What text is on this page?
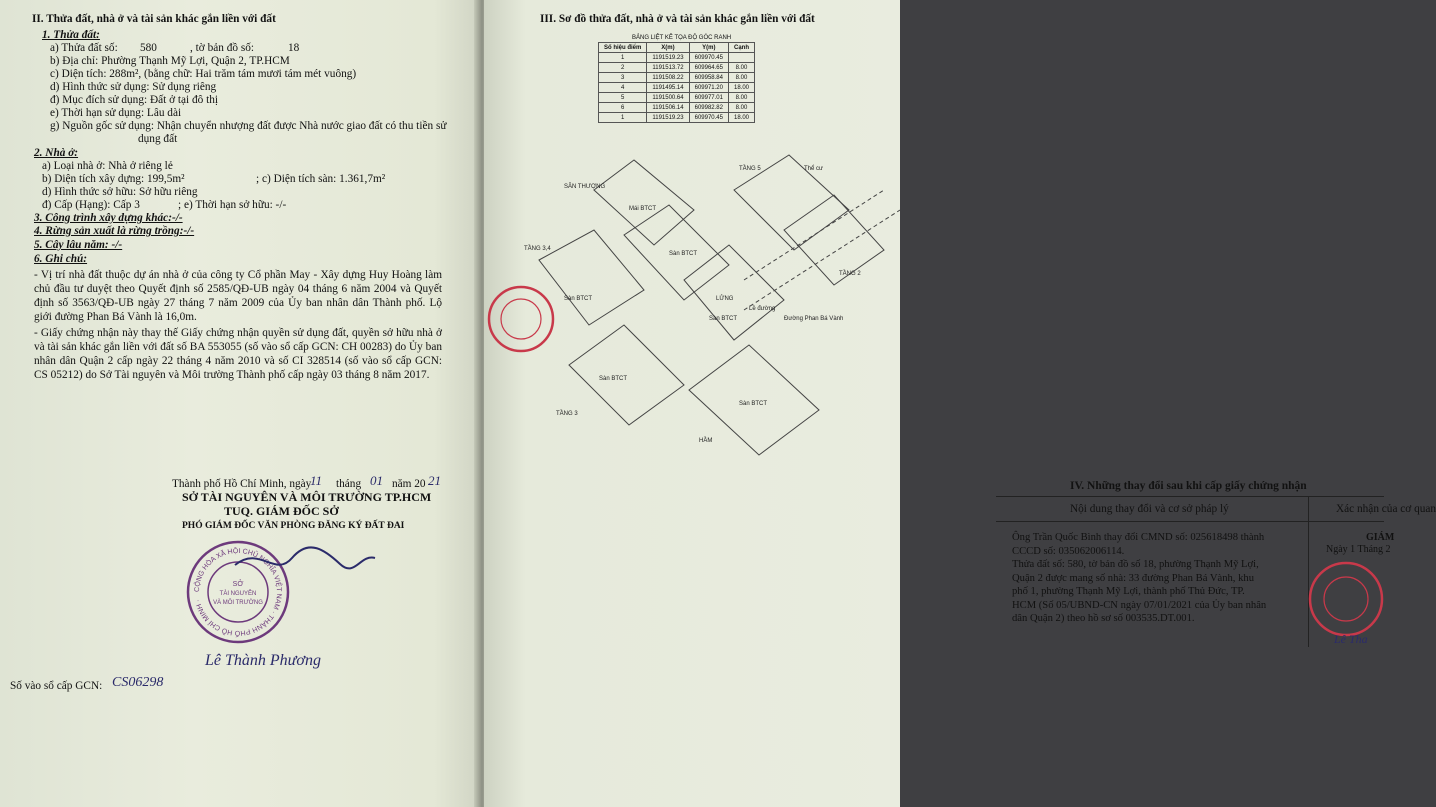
II. Thửa đất, nhà ở và tài sản khác gắn liền với đất
1. Thửa đất:
a) Thửa đất số: 580	, tờ bản đồ số:	18
b) Địa chỉ: Phường Thạnh Mỹ Lợi, Quận 2, TP.HCM
c) Diện tích: 288m², (bằng chữ: Hai trăm tám mươi tám mét vuông)
d) Hình thức sử dụng: Sử dụng riêng
đ) Mục đích sử dụng: Đất ở tại đô thị
e) Thời hạn sử dụng: Lâu dài
g) Nguồn gốc sử dụng: Nhận chuyển nhượng đất được Nhà nước giao đất có thu tiền sử
dụng đất
2. Nhà ở:
a) Loại nhà ở: Nhà ở riêng lẻ
b) Diện tích xây dựng: 199,5m²	; c) Diện tích sàn: 1.361,7m²
d) Hình thức sở hữu: Sở hữu riêng
đ) Cấp (Hạng): Cấp 3	; e) Thời hạn sở hữu: -/-
3. Công trình xây dựng khác:-/-
4. Rừng sản xuất là rừng trồng:-/-
5. Cây lâu năm: -/-
6. Ghi chú:
- Vị trí nhà đất thuộc dự án nhà ở của công ty Cổ phần May - Xây dựng Huy Hoàng làm chủ đầu tư duyệt theo Quyết định số 2585/QĐ-UB ngày 04 tháng 6 năm 2004 và Quyết định số 3563/QĐ-UB ngày 27 tháng 7 năm 2009 của Ủy ban nhân dân Thành phố. Lộ giới đường Phan Bá Vành là 16,0m.
- Giấy chứng nhận này thay thế Giấy chứng nhận quyền sử dụng đất, quyền sở hữu nhà ở và tài sản khác gắn liền với đất số BA 553055 (số vào sổ cấp GCN: CH 00283) do Ủy ban nhân dân Quận 2 cấp ngày 22 tháng 4 năm 2010 và số CI 328514 (số vào sổ cấp GCN: CS 05212) do Sở Tài nguyên và Môi trường Thành phố cấp ngày 03 tháng 8 năm 2017.
Thành phố Hồ Chí Minh, ngày
11 tháng 01 năm 20 21
SỞ TÀI NGUYÊN VÀ MÔI TRƯỜNG TP.HCM
TUQ. GIÁM ĐỐC SỞ
PHÓ GIÁM ĐỐC VĂN PHÒNG ĐĂNG KÝ ĐẤT ĐAI
CỘNG HÒA XÃ HỘI CHỦ NGHĨA VIỆT NAM · THÀNH PHỐ HỒ CHÍ MINH ·
SỞ
TÀI NGUYÊN
VÀ MÔI TRƯỜNG
Lê Thành Phương
Số vào sổ cấp GCN: CS06298
III. Sơ đồ thửa đất, nhà ở và tài sản khác gắn liền với đất
BẢNG LIỆT KÊ TỌA ĐỘ GÓC RANH
Số hiệu điểm	X(m)	Y(m)	Cạnh
1	1191519.23	609970.45	
2	1191513.72	609964.65	8.00
3	1191508.22	609958.84	8.00
4	1191495.14	609971.20	18.00
5	1191500.64	609977.01	8.00
6	1191506.14	609982.82	8.00
1	1191519.23	609970.45	18.00
SÂN THƯỢNG
TẦNG 3,4
TẦNG 3
TẦNG 5
TẦNG 2
LỬNG
HẦM
Mái BTCT
Sàn BTCT
Sàn BTCT
Sàn BTCT
Sàn BTCT
Sàn BTCT
Lề đường
Đường Phan Bá Vành
Thể cư
IV. Những thay đổi sau khi cấp giấy chứng nhận
Nội dung thay đổi và cơ sở pháp lý	Xác nhận của cơ quan
Ông Trần Quốc Bình thay đổi CMND số: 025618498 thành
CCCD số: 035062006114.
Thửa đất số: 580, tờ bản đồ số 18, phường Thạnh Mỹ Lợi,
Quận 2 được mang số nhà: 33 đường Phan Bá Vành, khu
phố 1, phường Thạnh Mỹ Lợi, thành phố Thủ Đức, TP.
HCM (Số 05/UBND-CN ngày 07/01/2021 của Ủy ban nhân
dân Quận 2) theo hồ sơ số 003535.DT.001.
Ngày 1 Tháng 2
GIÁM
Lê Tha
